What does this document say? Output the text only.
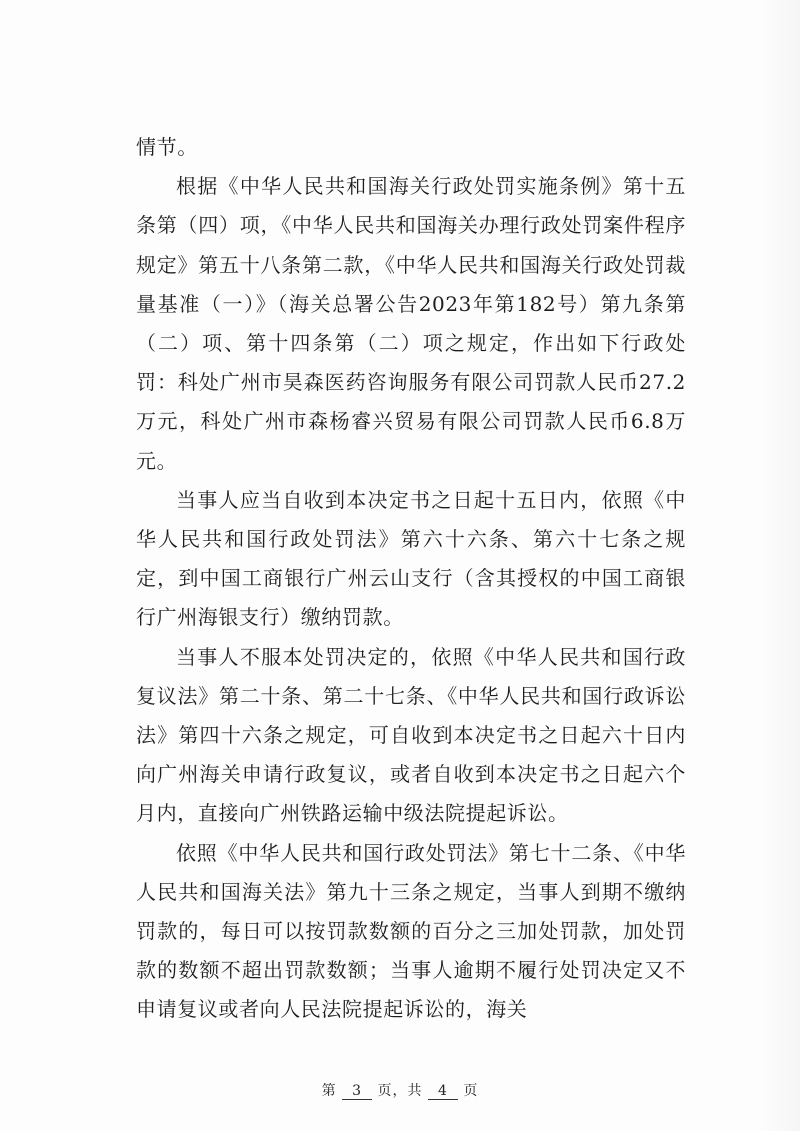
情节。

根据《中华人民共和国海关行政处罚实施条例》第十五条第（四）项，《中华人民共和国海关办理行政处罚案件程序规定》第五十八条第二款，《中华人民共和国海关行政处罚裁量基准（一）》（海关总署公告2023年第182号）第九条第（二）项、第十四条第（二）项之规定，作出如下行政处罚：科处广州市昊森医药咨询服务有限公司罚款人民币27.2万元，科处广州市森杨睿兴贸易有限公司罚款人民币6.8万元。

当事人应当自收到本决定书之日起十五日内，依照《中华人民共和国行政处罚法》第六十六条、第六十七条之规定，到中国工商银行广州云山支行（含其授权的中国工商银行广州海银支行）缴纳罚款。

当事人不服本处罚决定的，依照《中华人民共和国行政复议法》第二十条、第二十七条、《中华人民共和国行政诉讼法》第四十六条之规定，可自收到本决定书之日起六十日内向广州海关申请行政复议，或者自收到本决定书之日起六个月内，直接向广州铁路运输中级法院提起诉讼。

依照《中华人民共和国行政处罚法》第七十二条、《中华人民共和国海关法》第九十三条之规定，当事人到期不缴纳罚款的，每日可以按罚款数额的百分之三加处罚款，加处罚款的数额不超出罚款数额；当事人逾期不履行处罚决定又不申请复议或者向人民法院提起诉讼的，海关

第 3 页，共 4 页
